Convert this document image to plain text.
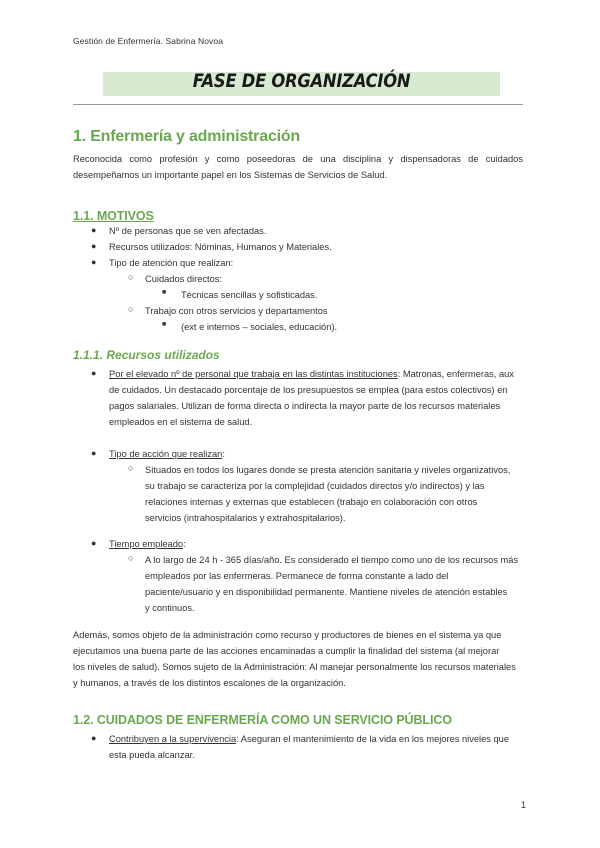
Gestión de Enfermería. Sabrina Novoa
FASE DE ORGANIZACIÓN
1. Enfermería y administración
Reconocida como profesión y como poseedoras de una disciplina y dispensadoras de cuidados desempeñamos un importante papel en los Sistemas de Servicios de Salud.
1.1. MOTIVOS
● Nº de personas que se ven afectadas.
● Recursos utilizados: Nóminas, Humanos y Materiales.
● Tipo de atención que realizan:
○ Cuidados directos:
■ Técnicas sencillas y sofisticadas.
○ Trabajo con otros servicios y departamentos
■ (ext e internos – sociales, educación).
1.1.1. Recursos utilizados
● Por el elevado nº de personal que trabaja en las distintas instituciones: Matronas, enfermeras, aux
de cuidados. Un destacado porcentaje de los presupuestos se emplea (para estos colectivos) en
pagos salariales. Utilizan de forma directa o indirecta la mayor parte de los recursos materiales
empleados en el sistema de salud.
● Tipo de acción que realizan:
○ Situados en todos los lugares donde se presta atención sanitaria y niveles organizativos,
su trabajo se caracteriza por la complejidad (cuidados directos y/o indirectos) y las
relaciones internas y externas que establecen (trabajo en colaboración con otros
servicios (intrahospitalarios y extrahospitalarios).
● Tiempo empleado:
○ A lo largo de 24 h - 365 días/año. Es considerado el tiempo como uno de los recursos más
empleados por las enfermeras. Permanece de forma constante a lado del
paciente/usuario y en disponibilidad permanente. Mantiene niveles de atención estables
y continuos.
Además, somos objeto de la administración como recurso y productores de bienes en el sistema ya que
ejecutamos una buena parte de las acciones encaminadas a cumplir la finalidad del sistema (al mejorar
los niveles de salud). Somos sujeto de la Administración: Al manejar personalmente los recursos materiales
y humanos, a través de los distintos escalones de la organización.
1.2. CUIDADOS DE ENFERMERÍA COMO UN SERVICIO PÚBLICO
● Contribuyen a la supervivencia: Aseguran el mantenimiento de la vida en los mejores niveles que
esta pueda alcanzar.
1
